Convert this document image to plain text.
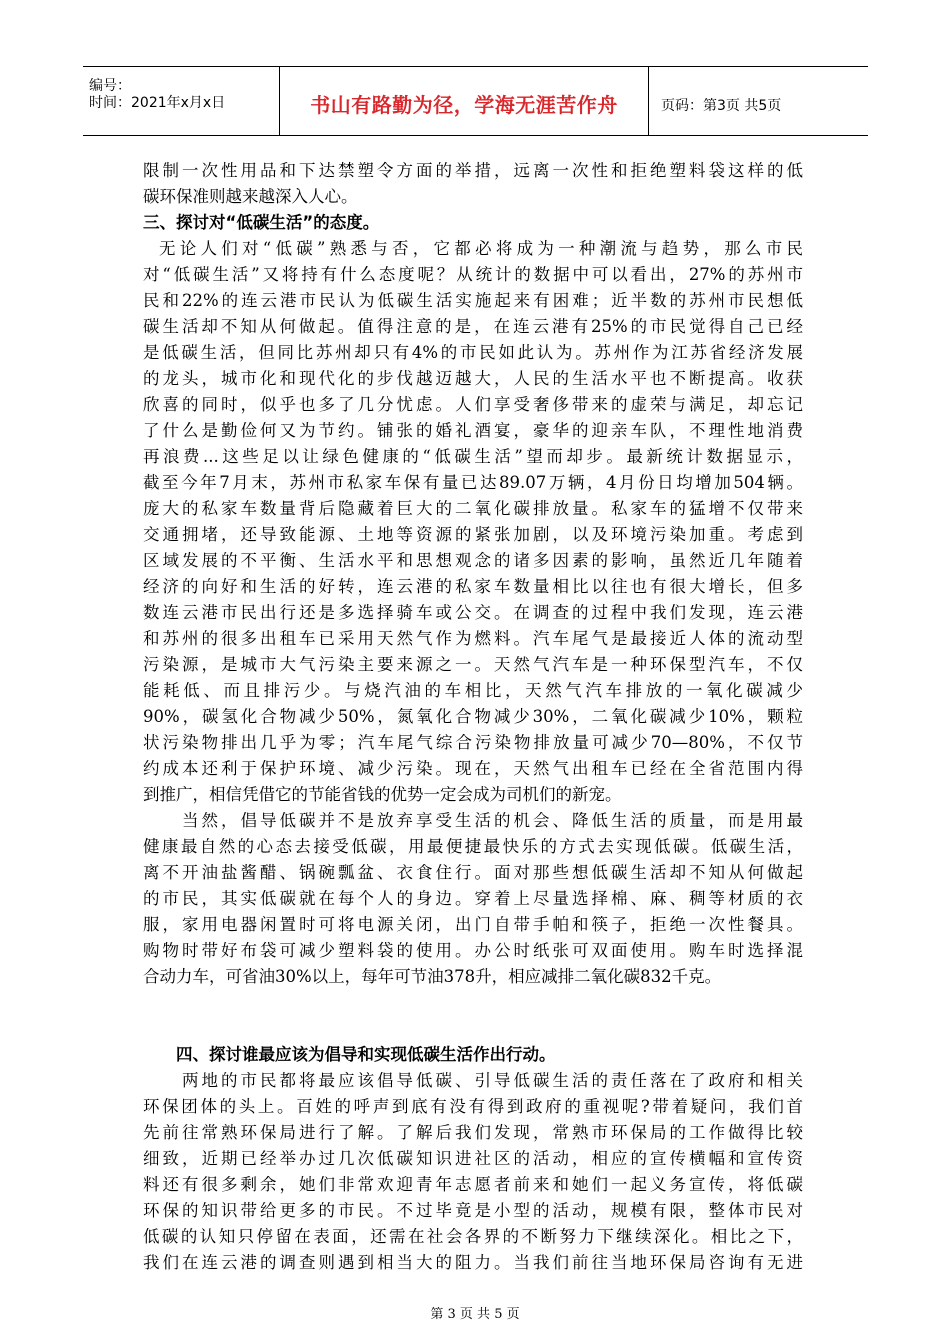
编号：
时间：2021年x月x日	书山有路勤为径，学海无涯苦作舟	页码：第3页 共5页
限制一次性用品和下达禁塑令方面的举措，远离一次性和拒绝塑料袋这样的低
碳环保准则越来越深入人心。
三、探讨对“低碳生活”的态度。
无论人们对“低碳”熟悉与否，它都必将成为一种潮流与趋势，那么市民
对“低碳生活”又将持有什么态度呢？从统计的数据中可以看出，27%的苏州市
民和22%的连云港市民认为低碳生活实施起来有困难；近半数的苏州市民想低
碳生活却不知从何做起。值得注意的是，在连云港有25%的市民觉得自己已经
是低碳生活，但同比苏州却只有4%的市民如此认为。苏州作为江苏省经济发展
的龙头，城市化和现代化的步伐越迈越大，人民的生活水平也不断提高。收获
欣喜的同时，似乎也多了几分忧虑。人们享受奢侈带来的虚荣与满足，却忘记
了什么是勤俭何又为节约。铺张的婚礼酒宴，豪华的迎亲车队，不理性地消费
再浪费...这些足以让绿色健康的“低碳生活”望而却步。最新统计数据显示，
截至今年7月末，苏州市私家车保有量已达89.07万辆，4月份日均增加504辆。
庞大的私家车数量背后隐藏着巨大的二氧化碳排放量。私家车的猛增不仅带来
交通拥堵，还导致能源、土地等资源的紧张加剧，以及环境污染加重。考虑到
区域发展的不平衡、生活水平和思想观念的诸多因素的影响，虽然近几年随着
经济的向好和生活的好转，连云港的私家车数量相比以往也有很大增长，但多
数连云港市民出行还是多选择骑车或公交。在调查的过程中我们发现，连云港
和苏州的很多出租车已采用天然气作为燃料。汽车尾气是最接近人体的流动型
污染源，是城市大气污染主要来源之一。天然气汽车是一种环保型汽车，不仅
能耗低、而且排污少。与烧汽油的车相比，天然气汽车排放的一氧化碳减少
90%，碳氢化合物减少50%，氮氧化合物减少30%，二氧化碳减少10%，颗粒
状污染物排出几乎为零；汽车尾气综合污染物排放量可减少70—80%，不仅节
约成本还利于保护环境、减少污染。现在，天然气出租车已经在全省范围内得
到推广，相信凭借它的节能省钱的优势一定会成为司机们的新宠。
当然，倡导低碳并不是放弃享受生活的机会、降低生活的质量，而是用最
健康最自然的心态去接受低碳，用最便捷最快乐的方式去实现低碳。低碳生活，
离不开油盐酱醋、锅碗瓢盆、衣食住行。面对那些想低碳生活却不知从何做起
的市民，其实低碳就在每个人的身边。穿着上尽量选择棉、麻、稠等材质的衣
服，家用电器闲置时可将电源关闭，出门自带手帕和筷子，拒绝一次性餐具。
购物时带好布袋可减少塑料袋的使用。办公时纸张可双面使用。购车时选择混
合动力车，可省油30%以上，每年可节油378升，相应减排二氧化碳832千克。
四、探讨谁最应该为倡导和实现低碳生活作出行动。
两地的市民都将最应该倡导低碳、引导低碳生活的责任落在了政府和相关
环保团体的头上。百姓的呼声到底有没有得到政府的重视呢?带着疑问，我们首
先前往常熟环保局进行了解。了解后我们发现，常熟市环保局的工作做得比较
细致，近期已经举办过几次低碳知识进社区的活动，相应的宣传横幅和宣传资
料还有很多剩余，她们非常欢迎青年志愿者前来和她们一起义务宣传，将低碳
环保的知识带给更多的市民。不过毕竟是小型的活动，规模有限，整体市民对
低碳的认知只停留在表面，还需在社会各界的不断努力下继续深化。相比之下，
我们在连云港的调查则遇到相当大的阻力。当我们前往当地环保局咨询有无进
第 3 页 共 5 页
